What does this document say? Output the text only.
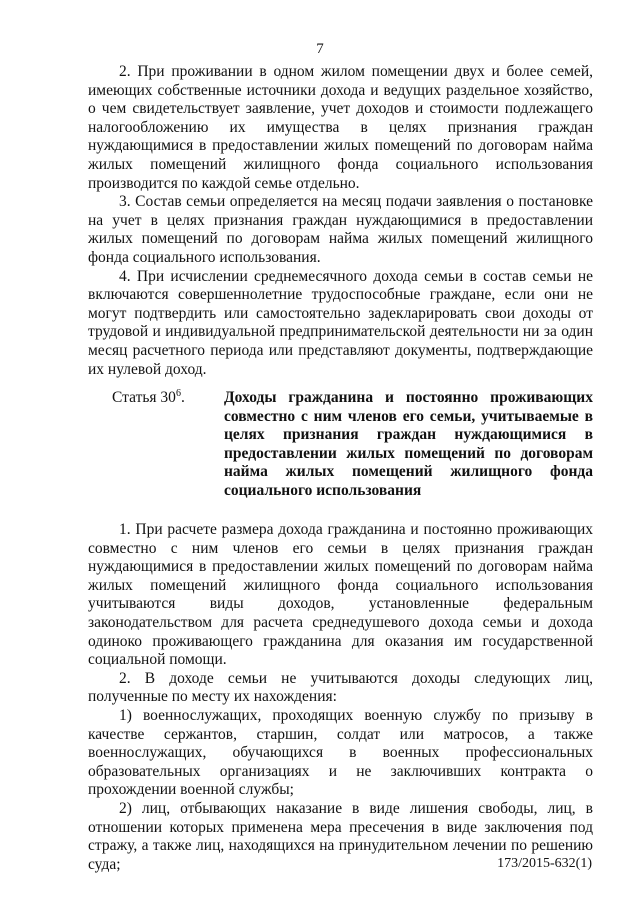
7

2. При проживании в одном жилом помещении двух и более семей, имеющих собственные источники дохода и ведущих раздельное хозяйство, о чем свидетельствует заявление, учет доходов и стоимости подлежащего налогообложению их имущества в целях признания граждан нуждающимися в предоставлении жилых помещений по договорам найма жилых помещений жилищного фонда социального использования производится по каждой семье отдельно.

3. Состав семьи определяется на месяц подачи заявления о постановке на учет в целях признания граждан нуждающимися в предоставлении жилых помещений по договорам найма жилых помещений жилищного фонда социального использования.

4. При исчислении среднемесячного дохода семьи в состав семьи не включаются совершеннолетние трудоспособные граждане, если они не могут подтвердить или самостоятельно задекларировать свои доходы от трудовой и индивидуальной предпринимательской деятельности ни за один месяц расчетного периода или представляют документы, подтверждающие их нулевой доход.

Статья $30^6$.	Доходы гражданина и постоянно проживающих совместно с ним членов его семьи, учитываемые в целях признания граждан нуждающимися в предоставлении жилых помещений по договорам найма жилых помещений жилищного фонда социального использования

1. При расчете размера дохода гражданина и постоянно проживающих совместно с ним членов его семьи в целях признания граждан нуждающимися в предоставлении жилых помещений по договорам найма жилых помещений жилищного фонда социального использования учитываются виды доходов, установленные федеральным законодательством для расчета среднедушевого дохода семьи и дохода одиноко проживающего гражданина для оказания им государственной социальной помощи.

2. В доходе семьи не учитываются доходы следующих лиц, полученные по месту их нахождения:

1) военнослужащих, проходящих военную службу по призыву в качестве сержантов, старшин, солдат или матросов, а также военнослужащих, обучающихся в военных профессиональных образовательных организациях и не заключивших контракта о прохождении военной службы;

2) лиц, отбывающих наказание в виде лишения свободы, лиц, в отношении которых применена мера пресечения в виде заключения под стражу, а также лиц, находящихся на принудительном лечении по решению суда;	173/2015-632(1)
